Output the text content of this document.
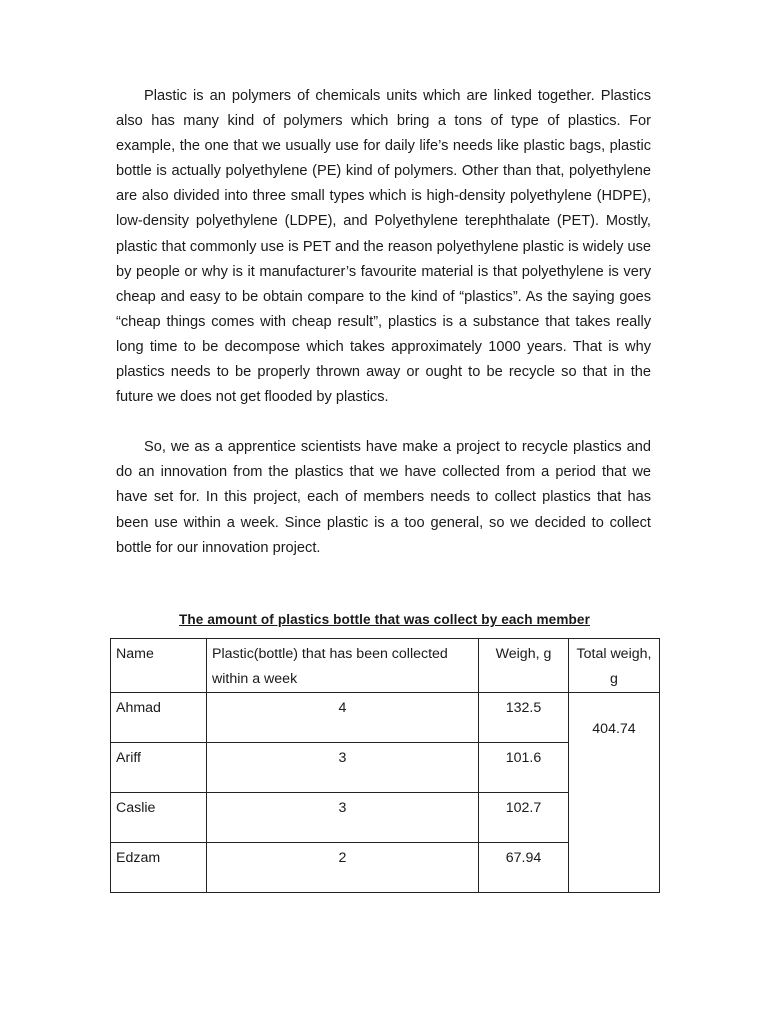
Plastic is an polymers of chemicals units which are linked together. Plastics also has many kind of polymers which bring a tons of type of plastics. For example, the one that we usually use for daily life’s needs like plastic bags, plastic bottle is actually polyethylene (PE) kind of polymers. Other than that, polyethylene are also divided into three small types which is high-density polyethylene (HDPE), low-density polyethylene (LDPE), and Polyethylene terephthalate (PET). Mostly, plastic that commonly use is PET and the reason polyethylene plastic is widely use by people or why is it manufacturer’s favourite material is that polyethylene is very cheap and easy to be obtain compare to the kind of “plastics”. As the saying goes “cheap things comes with cheap result”, plastics is a substance that takes really long time to be decompose which takes approximately 1000 years. That is why plastics needs to be properly thrown away or ought to be recycle so that in the future we does not get flooded by plastics.

So, we as a apprentice scientists have make a project to recycle plastics and do an innovation from the plastics that we have collected from a period that we have set for. In this project, each of members needs to collect plastics that has been use within a week. Since plastic is a too general, so we decided to collect bottle for our innovation project.

The amount of plastics bottle that was collect by each member
Name	Plastic(bottle) that has been collected within a week	Weigh, g	Total weigh, g
Ahmad	4	132.5	404.74
Ariff	3	101.6	
Caslie	3	102.7	
Edzam	2	67.94	
